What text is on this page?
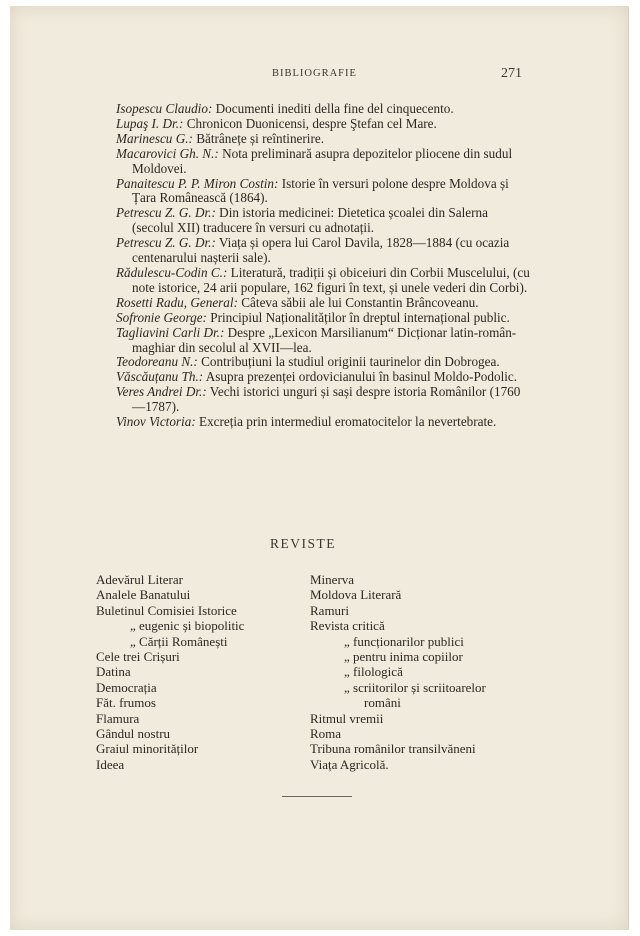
BIBLIOGRAFIE	271
Isopescu Claudio: Documenti inediti della fine del cinquecento.
Lupaş I. Dr.: Chronicon Duonicensi, despre Ştefan cel Mare.
Marinescu G.: Bătrânețe și reîntinerire.
Macarovici Gh. N.: Nota preliminară asupra depozitelor pliocene din sudul Moldovei.
Panaitescu P. P. Miron Costin: Istorie în versuri polone despre Moldova și Țara Românească (1864).
Petrescu Z. G. Dr.: Din istoria medicinei: Dietetica școalei din Salerna (secolul XII) traducere în versuri cu adnotații.
Petrescu Z. G. Dr.: Viața și opera lui Carol Davila, 1828—1884 (cu ocazia centenarului nașterii sale).
Rădulescu-Codin C.: Literatură, tradiții și obiceiuri din Corbii Muscelului, (cu note istorice, 24 arii populare, 162 figuri în text, și unele vederi din Corbi).
Rosetti Radu, General: Câteva săbii ale lui Constantin Brâncoveanu.
Sofronie George: Principiul Naționalităților în dreptul internațional public.
Tagliavini Carli Dr.: Despre „Lexicon Marsilianum“ Dicționar latin-român-maghiar din secolul al XVII—lea.
Teodoreanu N.: Contribuțiuni la studiul originii taurinelor din Dobrogea.
Văscăuțanu Th.: Asupra prezenței ordovicianului în basinul Moldo-Podolic.
Veres Andrei Dr.: Vechi istorici unguri și sași despre istoria Românilor (1760—1787).
Vinov Victoria: Excreția prin intermediul eromatocitelor la nevertebrate.
REVISTE
Adevărul Literar
Analele Banatului
Buletinul Comisiei Istorice
„ eugenic și biopolitic
„ Cărții Românești
Cele trei Crișuri
Datina
Democrația
Făt. frumos
Flamura
Gândul nostru
Graiul minorităților
Ideea
Minerva
Moldova Literară
Ramuri
Revista critică
„ funcționarilor publici
„ pentru inima copiilor
„ filologică
„ scriitorilor și scriitoarelor
români
Ritmul vremii
Roma
Tribuna românilor transilvăneni
Viața Agricolă.
